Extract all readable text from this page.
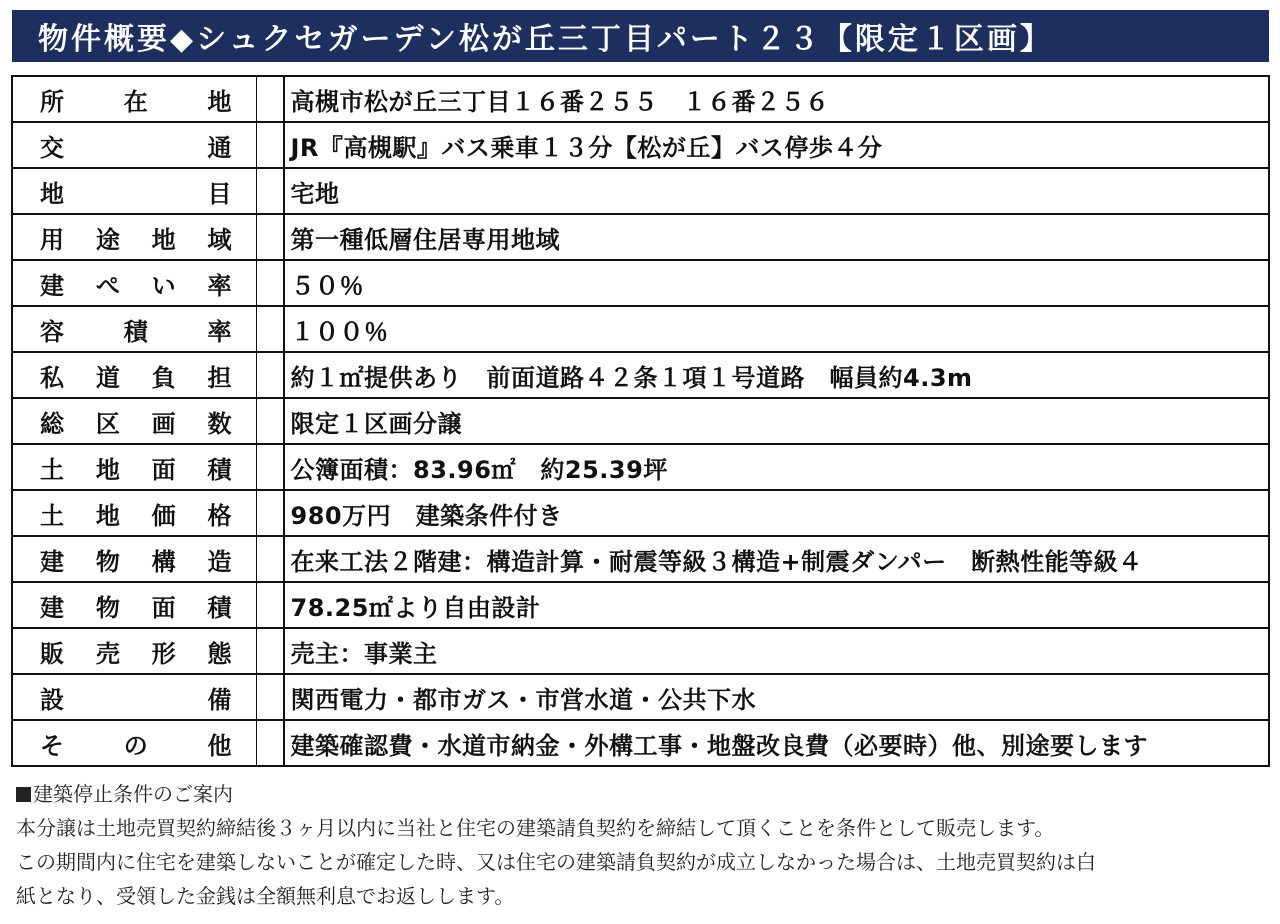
物件概要◆シュクセガーデン松が丘三丁目パート２３【限定１区画】
所 在 地		高槻市松が丘三丁目１６番２５５　１６番２５６

交 通		JR『高槻駅』バス乗車１３分【松が丘】バス停歩４分

地 目		宅地

用 途 地 域		第一種低層住居専用地域

建 ぺ い 率		５０％

容 積 率		１００％

私 道 負 担		約１㎡提供あり　前面道路４２条１項１号道路　幅員約4.3m

総 区 画 数		限定１区画分譲

土 地 面 積		公簿面積：83.96㎡　約25.39坪

土 地 価 格		980万円　建築条件付き

建 物 構 造		在来工法２階建：構造計算・耐震等級３構造+制震ダンパー　断熱性能等級４

建 物 面 積		78.25㎡より自由設計

販 売 形 態		売主：事業主

設 備		関西電力・都市ガス・市営水道・公共下水

そ の 他		建築確認費・水道市納金・外構工事・地盤改良費（必要時）他、別途要します
建築停止条件のご案内
本分譲は土地売買契約締結後３ヶ月以内に当社と住宅の建築請負契約を締結して頂くことを条件として販売します。
この期間内に住宅を建築しないことが確定した時、又は住宅の建築請負契約が成立しなかった場合は、土地売買契約は白
紙となり、受領した金銭は全額無利息でお返しします。
